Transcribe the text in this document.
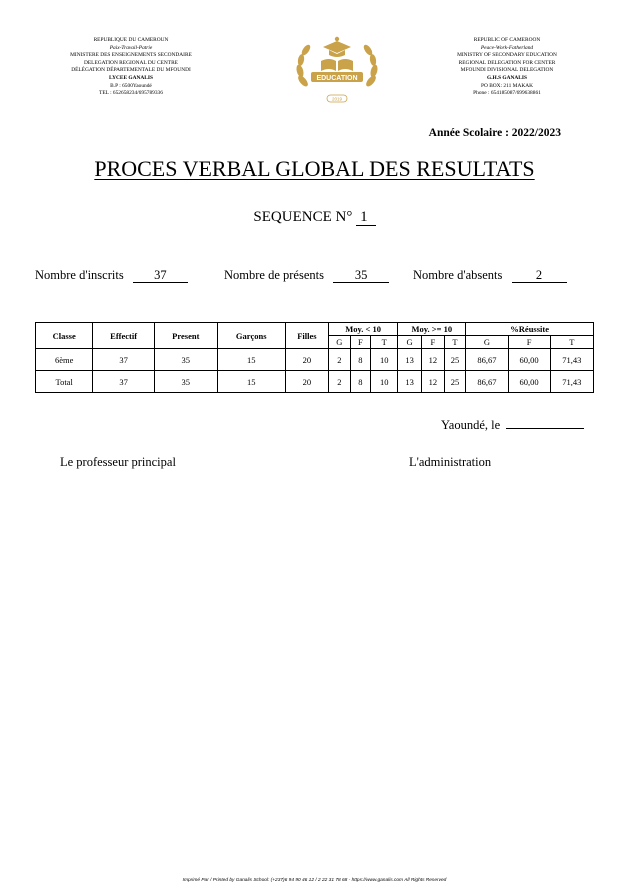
REPUBLIQUE DU CAMEROUN
Paix-Travail-Patrie
MINISTERE DES ENSEIGNEMENTS SECONDAIRE
DELEGATION REGIONAL DU CENTRE
DÉLÉGATION DÉPARTEMENTALE DU MFOUNDI
LYCEE GANALIS
B.P : 6500Yaoundé
TEL : 652658234/695789336
EDUCATION
2019
REPUBLIC OF CAMEROON
Peace-Work-Fatherland
MINISTRY OF SECONDARY EDUCATION
REGIONAL DELEGATION FOR CENTER
MFOUNDI DIVISIONAL DELEGATION
G.H.S GANALIS
PO BOX: 211 MAKAK
Phone : 654185087/699638861
Année Scolaire : 2022/2023
PROCES VERBAL GLOBAL DES RESULTATS
SEQUENCE N° 1
Nombre d'inscrits 37	Nombre de présents 35	Nombre d'absents	2
Classe	Effectif	Present	Garçons	Filles	Moy. < 10			Moy. >= 10			%Réussite		
					G	F	T	G	F	T	G	F	T
6ème	37	35	15	20	2	8	10	13	12	25	86,67	60,00	71,43
Total	37	35	15	20	2	8	10	13	12	25	86,67	60,00	71,43
Yaoundé, le
Le professeur principal	L'administration
Imprimé Par / Printed by Ganalis School: (+237)6 94 90 46 12 / 2 22 31 78 68 - https://www.ganalis.com All Rights Reserved
